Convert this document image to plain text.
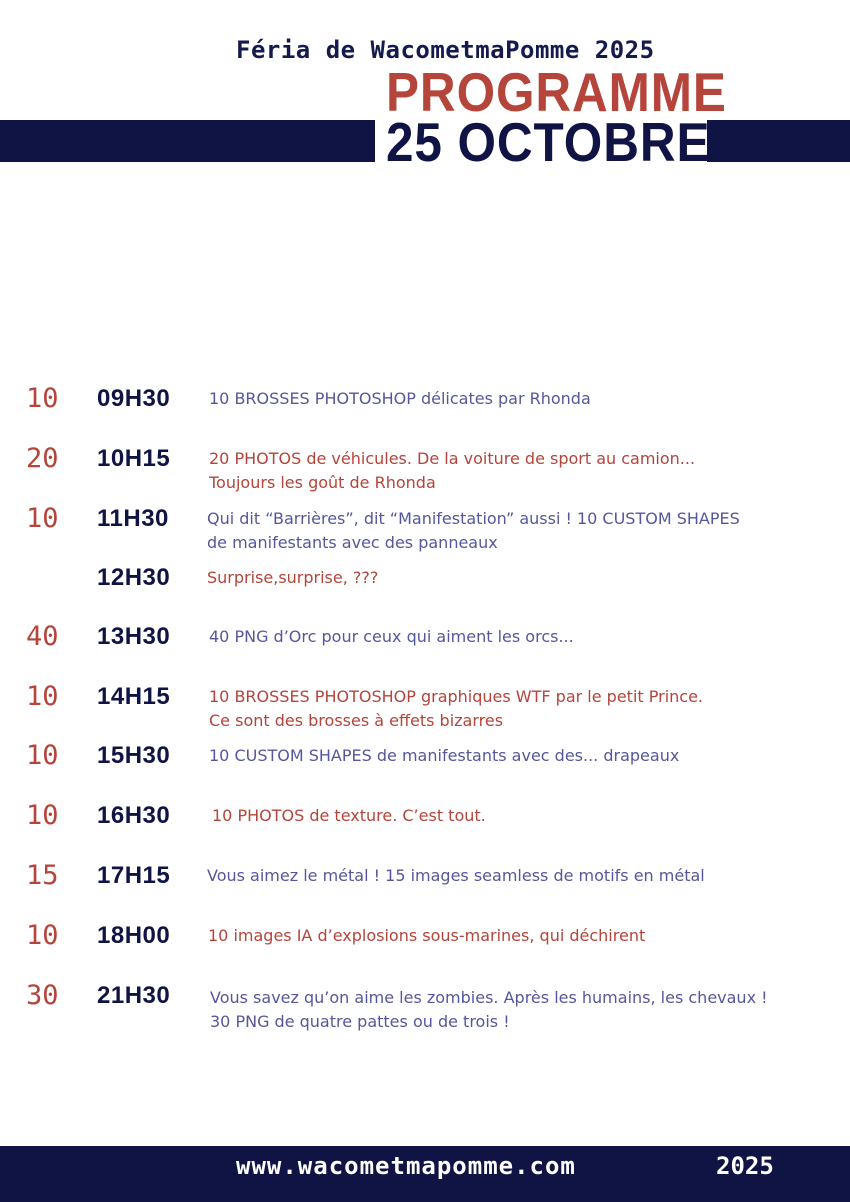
Féria de WacometmaPomme 2025
PROGRAMME
25 OCTOBRE
10 09H30 10 BROSSES PHOTOSHOP délicates par Rhonda
20 10H15 20 PHOTOS de véhicules. De la voiture de sport au camion...
Toujours les goût de Rhonda
10 11H30 Qui dit “Barrières”, dit “Manifestation” aussi ! 10 CUSTOM SHAPES
de manifestants avec des panneaux
12H30 Surprise,surprise, ???
40 13H30 40 PNG d’Orc pour ceux qui aiment les orcs...
10 14H15 10 BROSSES PHOTOSHOP graphiques WTF par le petit Prince.
Ce sont des brosses à effets bizarres
10 15H30 10 CUSTOM SHAPES de manifestants avec des... drapeaux
10 16H30	10 PHOTOS de texture. C’est tout.
15 17H15 Vous aimez le métal ! 15 images seamless de motifs en métal
10 18H00 10 images IA d’explosions sous-marines, qui déchirent
30 21H30 Vous savez qu’on aime les zombies. Après les humains, les chevaux !
30 PNG de quatre pattes ou de trois !
www.wacometmapomme.com	2025
